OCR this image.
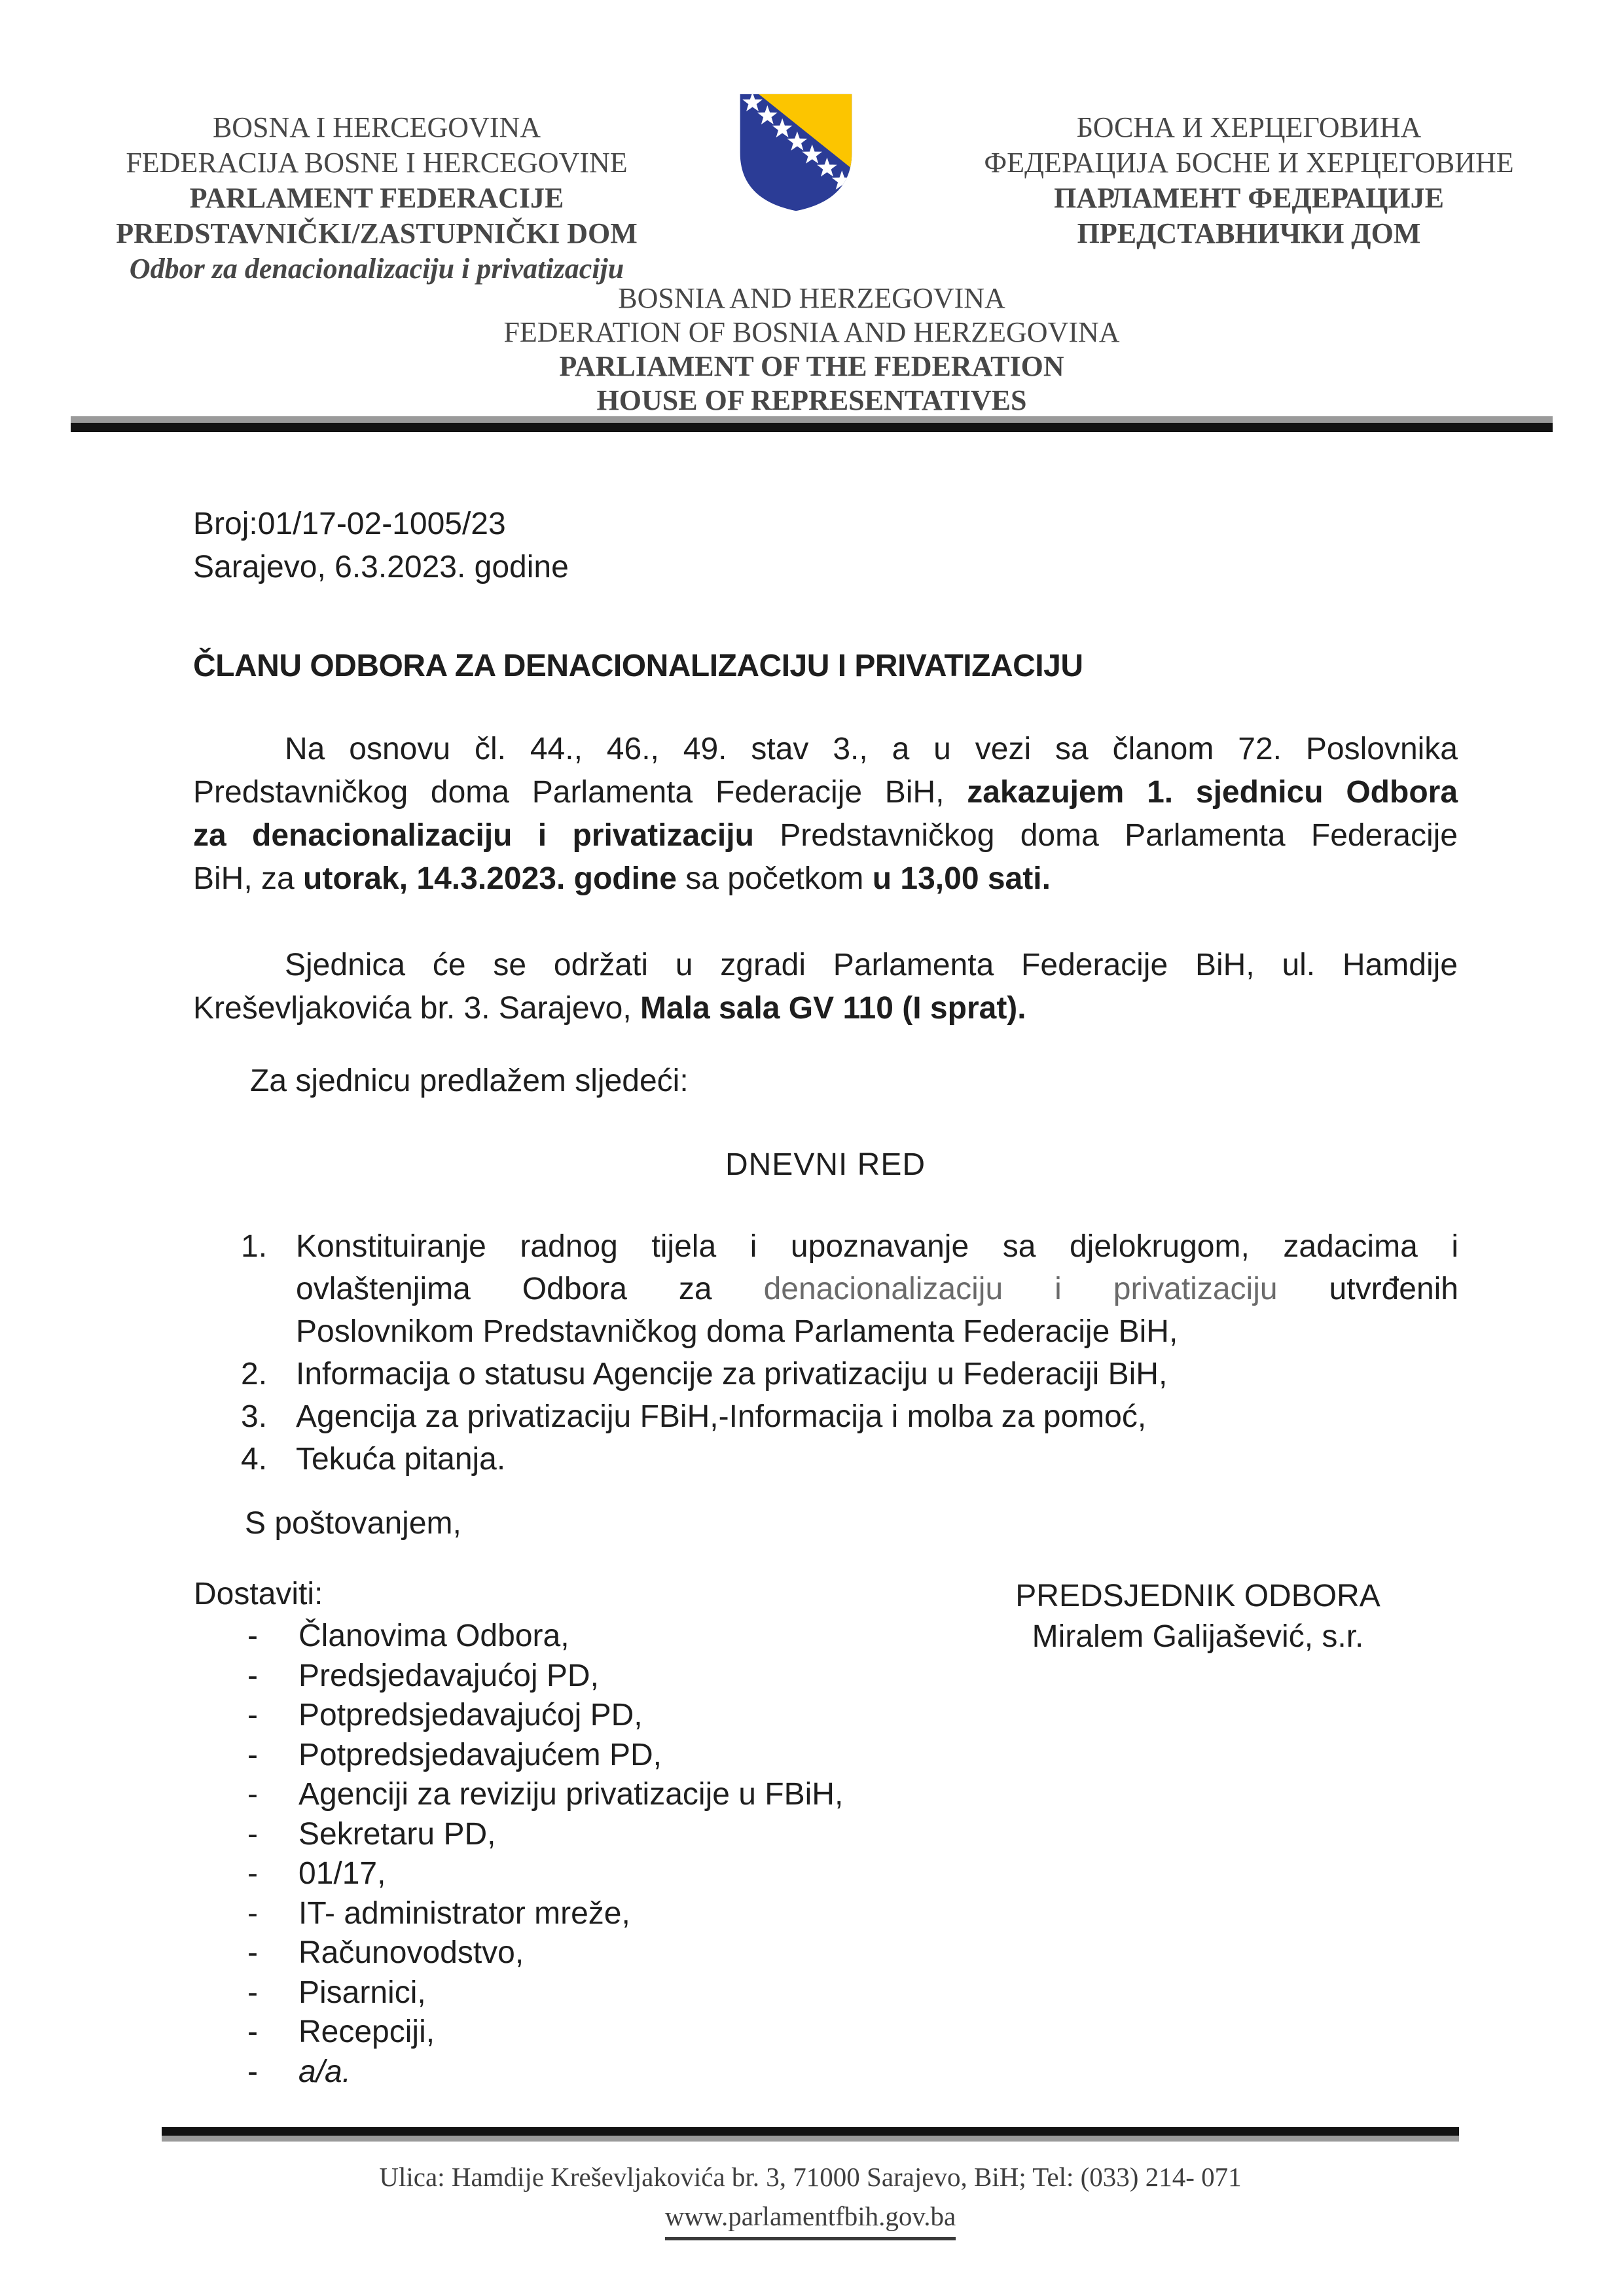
BOSNA I HERCEGOVINA
FEDERACIJA BOSNE I HERCEGOVINE
PARLAMENT FEDERACIJE
PREDSTAVNIČKI/ZASTUPNIČKI DOM
Odbor za denacionalizaciju i privatizaciju
БОСНА И ХЕРЦЕГОВИНА
ФЕДЕРАЦИЈА БОСНЕ И ХЕРЦЕГОВИНЕ
ПАРЛАМЕНТ ФЕДЕРАЦИЈЕ
ПРЕДСТАВНИЧКИ ДОМ
BOSNIA AND HERZEGOVINA
FEDERATION OF BOSNIA AND HERZEGOVINA
PARLIAMENT OF THE FEDERATION
HOUSE OF REPRESENTATIVES
Broj:01/17-02-1005/23
Sarajevo, 6.3.2023. godine
ČLANU ODBORA ZA DENACIONALIZACIJU I PRIVATIZACIJU
Na osnovu čl. 44., 46., 49. stav 3., a u vezi sa članom 72. Poslovnika
Predstavničkog doma Parlamenta Federacije BiH, zakazujem 1. sjednicu Odbora
za denacionalizaciju i privatizaciju Predstavničkog doma Parlamenta Federacije
BiH, za utorak, 14.3.2023. godine sa početkom u 13,00 sati.
Sjednica će se održati u zgradi Parlamenta Federacije BiH, ul. Hamdije
Kreševljakovića br. 3. Sarajevo, Mala sala GV 110 (I sprat).
Za sjednicu predlažem sljedeći:
DNEVNI RED
1. Konstituiranje radnog tijela i upoznavanje sa djelokrugom, zadacima i
ovlaštenjima Odbora za denacionalizaciju i privatizaciju utvrđenih
Poslovnikom Predstavničkog doma Parlamenta Federacije BiH,
2. Informacija o statusu Agencije za privatizaciju u Federaciji BiH,
3. Agencija za privatizaciju FBiH,-Informacija i molba za pomoć,
4. Tekuća pitanja.
S poštovanjem,
Dostaviti:
-	Članovima Odbora,
-	Predsjedavajućoj PD,
-	Potpredsjedavajućoj PD,
-	Potpredsjedavajućem PD,
-	Agenciji za reviziju privatizacije u FBiH,
-	Sekretaru PD,
-	01/17,
-	IT- administrator mreže,
-	Računovodstvo,
-	Pisarnici,
-	Recepciji,
-	a/a.
PREDSJEDNIK ODBORA
Miralem Galijašević, s.r.
Ulica: Hamdije Kreševljakovića br. 3, 71000 Sarajevo, BiH; Tel: (033) 214- 071
www.parlamentfbih.gov.ba
